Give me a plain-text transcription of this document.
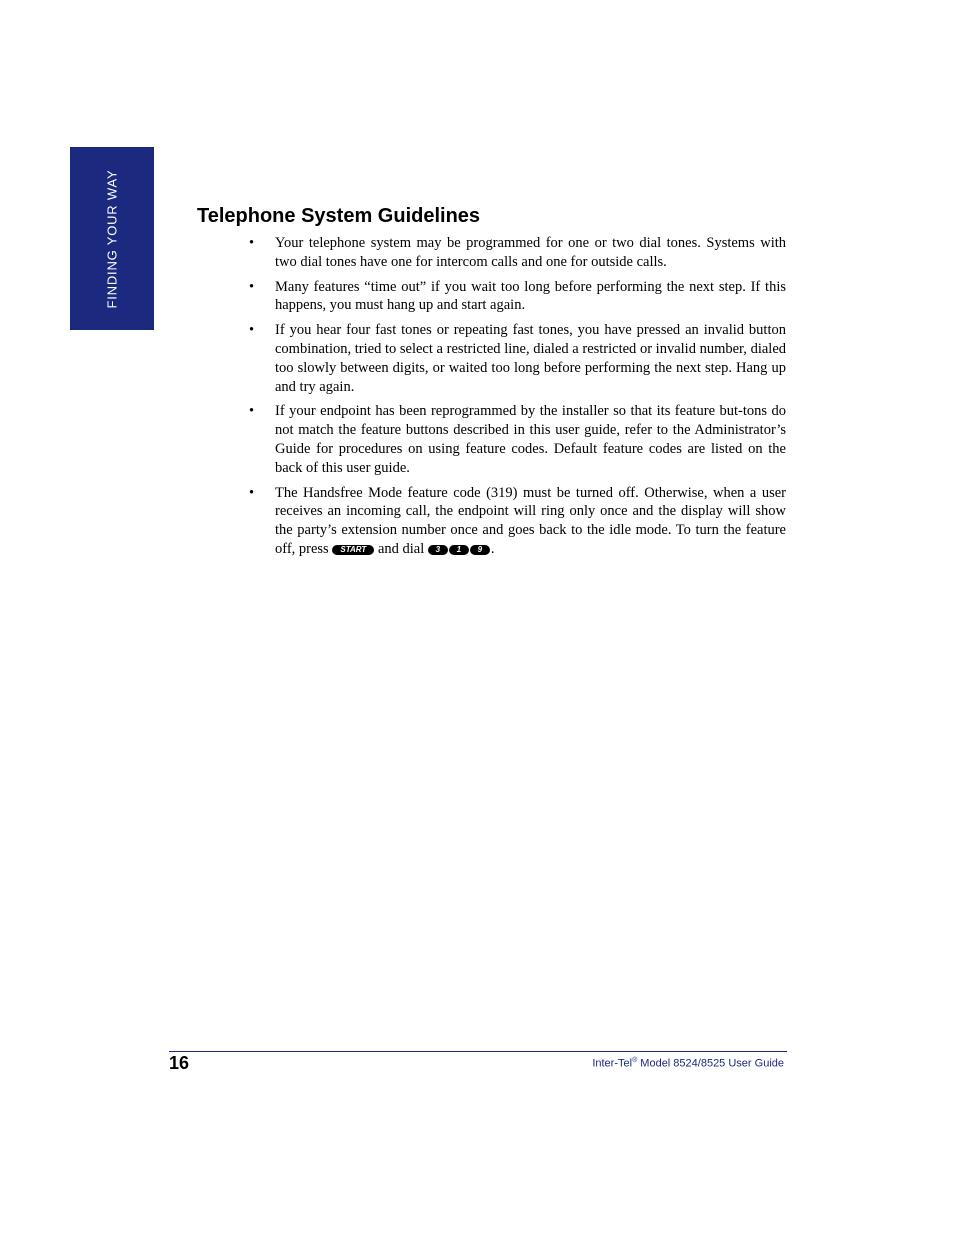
FINDING YOUR WAY	Telephone System Guidelines
• Your telephone system may be programmed for one or two dial tones. Systems with two dial tones have one for intercom calls and one for outside calls.
• Many features “time out” if you wait too long before performing the next step. If this happens, you must hang up and start again.
• If you hear four fast tones or repeating fast tones, you have pressed an invalid button combination, tried to select a restricted line, dialed a restricted or invalid number, dialed too slowly between digits, or waited too long before performing the next step. Hang up and try again.
• If your endpoint has been reprogrammed by the installer so that its feature but-tons do not match the feature buttons described in this user guide, refer to the Administrator’s Guide for procedures on using feature codes. Default feature codes are listed on the back of this user guide.
• The Handsfree Mode feature code (319) must be turned off. Otherwise, when a user receives an incoming call, the endpoint will ring only once and the display will show the party’s extension number once and goes back to the idle mode. To turn the feature off, press START and dial 3 1 9 .
16	Inter-Tel® Model 8524/8525 User Guide
